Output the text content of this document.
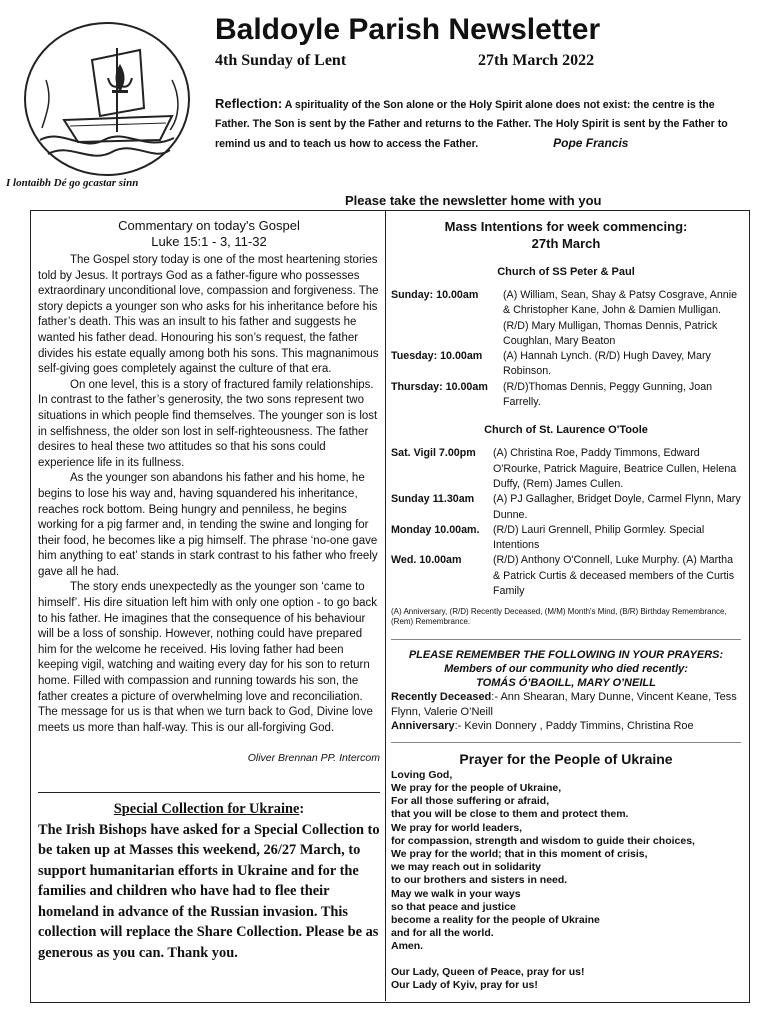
I lontaibh Dé go gcastar sinn
Baldoyle Parish Newsletter
4th Sunday of Lent	27th March 2022
Reflection: A spirituality of the Son alone or the Holy Spirit alone does not exist: the centre is the Father. The Son is sent by the Father and returns to the Father. The Holy Spirit is sent by the Father to remind us and to teach us how to access the Father.	Pope Francis
Please take the newsletter home with you
Commentary on today's Gospel
Luke 15:1 - 3, 11-32

The Gospel story today is one of the most heartening stories told by Jesus. It portrays God as a father-figure who possesses extraordinary unconditional love, compassion and forgiveness. The story depicts a younger son who asks for his inheritance before his father’s death. This was an insult to his father and suggests he wanted his father dead. Honouring his son’s request, the father divides his estate equally among both his sons. This magnanimous self-giving goes completely against the culture of that era.

On one level, this is a story of fractured family relationships. In contrast to the father’s generosity, the two sons represent two situations in which people find themselves. The younger son is lost in selfishness, the older son lost in self-righteousness. The father desires to heal these two attitudes so that his sons could experience life in its fullness.

As the younger son abandons his father and his home, he begins to lose his way and, having squandered his inheritance, reaches rock bottom. Being hungry and penniless, he begins working for a pig farmer and, in tending the swine and longing for their food, he becomes like a pig himself. The phrase ‘no-one gave him anything to eat’ stands in stark contrast to his father who freely gave all he had.

The story ends unexpectedly as the younger son ‘came to himself’. His dire situation left him with only one option - to go back to his father. He imagines that the consequence of his behaviour will be a loss of sonship. However, nothing could have prepared him for the welcome he received. His loving father had been keeping vigil, watching and waiting every day for his son to return home. Filled with compassion and running towards his son, the father creates a picture of overwhelming love and reconciliation. The message for us is that when we turn back to God, Divine love meets us more than half-way. This is our all-forgiving God.

Oliver Brennan PP. Intercom
Special Collection for Ukraine:
The Irish Bishops have asked for a Special Collection to be taken up at Masses this weekend, 26/27 March, to support humanitarian efforts in Ukraine and for the families and children who have had to flee their homeland in advance of the Russian invasion. This collection will replace the Share Collection. Please be as generous as you can. Thank you.
Mass Intentions for week commencing:
27th March
Church of SS Peter & Paul
Sunday: 10.00am	(A) William, Sean, Shay & Patsy Cosgrave, Annie & Christopher Kane, John & Damien Mulligan. (R/D) Mary Mulligan, Thomas Dennis, Patrick Coughlan, Mary Beaton
Tuesday: 10.00am	(A) Hannah Lynch. (R/D) Hugh Davey, Mary Robinson.
Thursday: 10.00am	(R/D)Thomas Dennis, Peggy Gunning, Joan Farrelly.
Church of St. Laurence O'Toole
Sat. Vigil 7.00pm	(A) Christina Roe, Paddy Timmons, Edward O'Rourke, Patrick Maguire, Beatrice Cullen, Helena Duffy, (Rem) James Cullen.
Sunday 11.30am	(A) PJ Gallagher, Bridget Doyle, Carmel Flynn, Mary Dunne.
Monday 10.00am.	(R/D) Lauri Grennell, Philip Gormley. Special Intentions
Wed. 10.00am	(R/D) Anthony O'Connell, Luke Murphy. (A) Martha & Patrick Curtis & deceased members of the Curtis Family
(A) Anniversary, (R/D) Recently Deceased, (M/M) Month's Mind, (B/R) Birthday Remembrance, (Rem) Remembrance.
PLEASE REMEMBER THE FOLLOWING IN YOUR PRAYERS:
Members of our community who died recently:
TOMÁS Ó’BAOILL, MARY O’NEILL
Recently Deceased:- Ann Shearan, Mary Dunne, Vincent Keane, Tess Flynn, Valerie O’Neill
Anniversary:- Kevin Donnery , Paddy Timmins, Christina Roe
Prayer for the People of Ukraine
Loving God,
We pray for the people of Ukraine,
For all those suffering or afraid,
that you will be close to them and protect them.
We pray for world leaders,
for compassion, strength and wisdom to guide their choices,
We pray for the world; that in this moment of crisis,
we may reach out in solidarity
to our brothers and sisters in need.
May we walk in your ways
so that peace and justice
become a reality for the people of Ukraine
and for all the world.
Amen.
Our Lady, Queen of Peace, pray for us!
Our Lady of Kyiv, pray for us!
